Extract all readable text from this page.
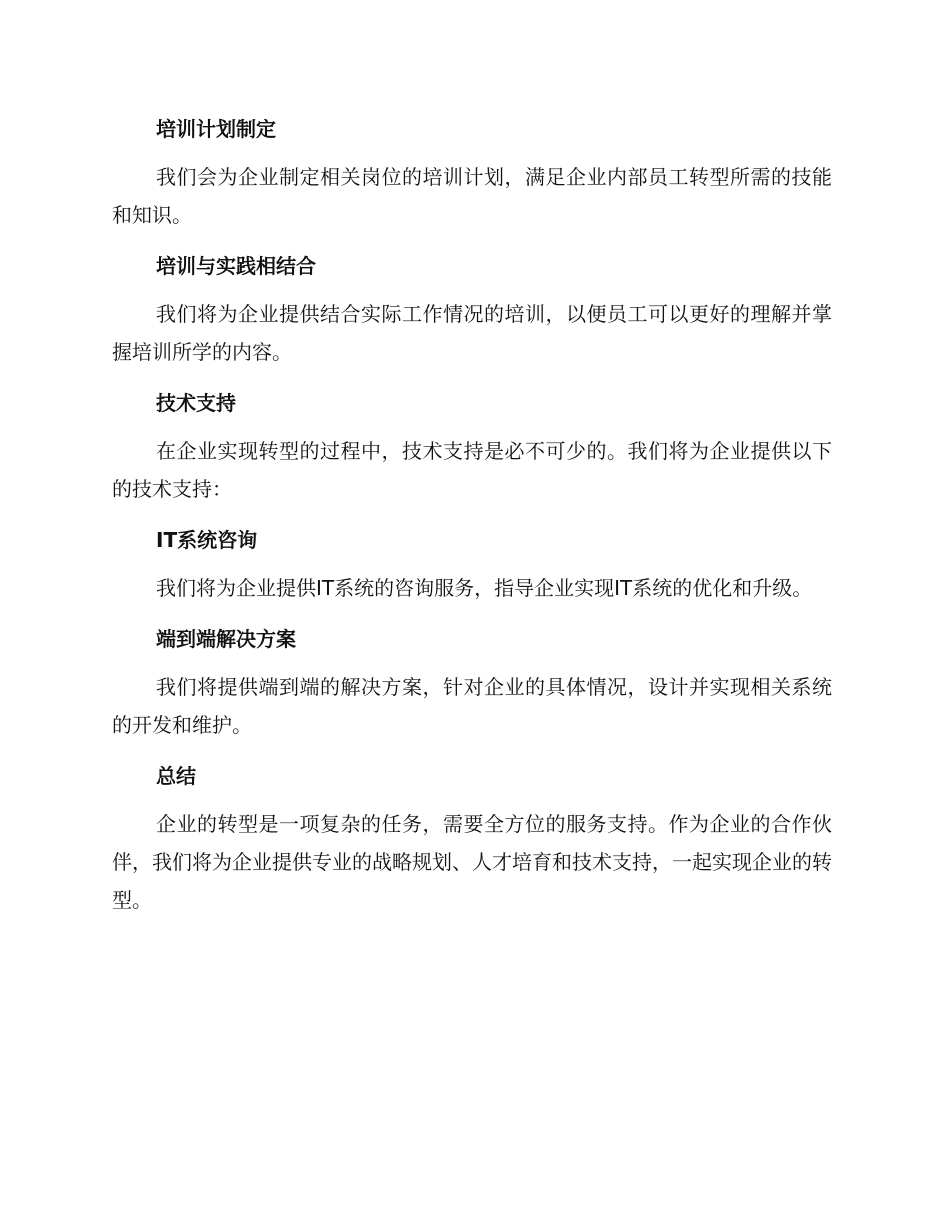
培训计划制定
我们会为企业制定相关岗位的培训计划，满足企业内部员工转型所需的技能和知识。
培训与实践相结合
我们将为企业提供结合实际工作情况的培训，以便员工可以更好的理解并掌握培训所学的内容。
技术支持
在企业实现转型的过程中，技术支持是必不可少的。我们将为企业提供以下的技术支持：
IT系统咨询
我们将为企业提供IT系统的咨询服务，指导企业实现IT系统的优化和升级。
端到端解决方案
我们将提供端到端的解决方案，针对企业的具体情况，设计并实现相关系统的开发和维护。
总结
企业的转型是一项复杂的任务，需要全方位的服务支持。作为企业的合作伙伴，我们将为企业提供专业的战略规划、人才培育和技术支持，一起实现企业的转型。
